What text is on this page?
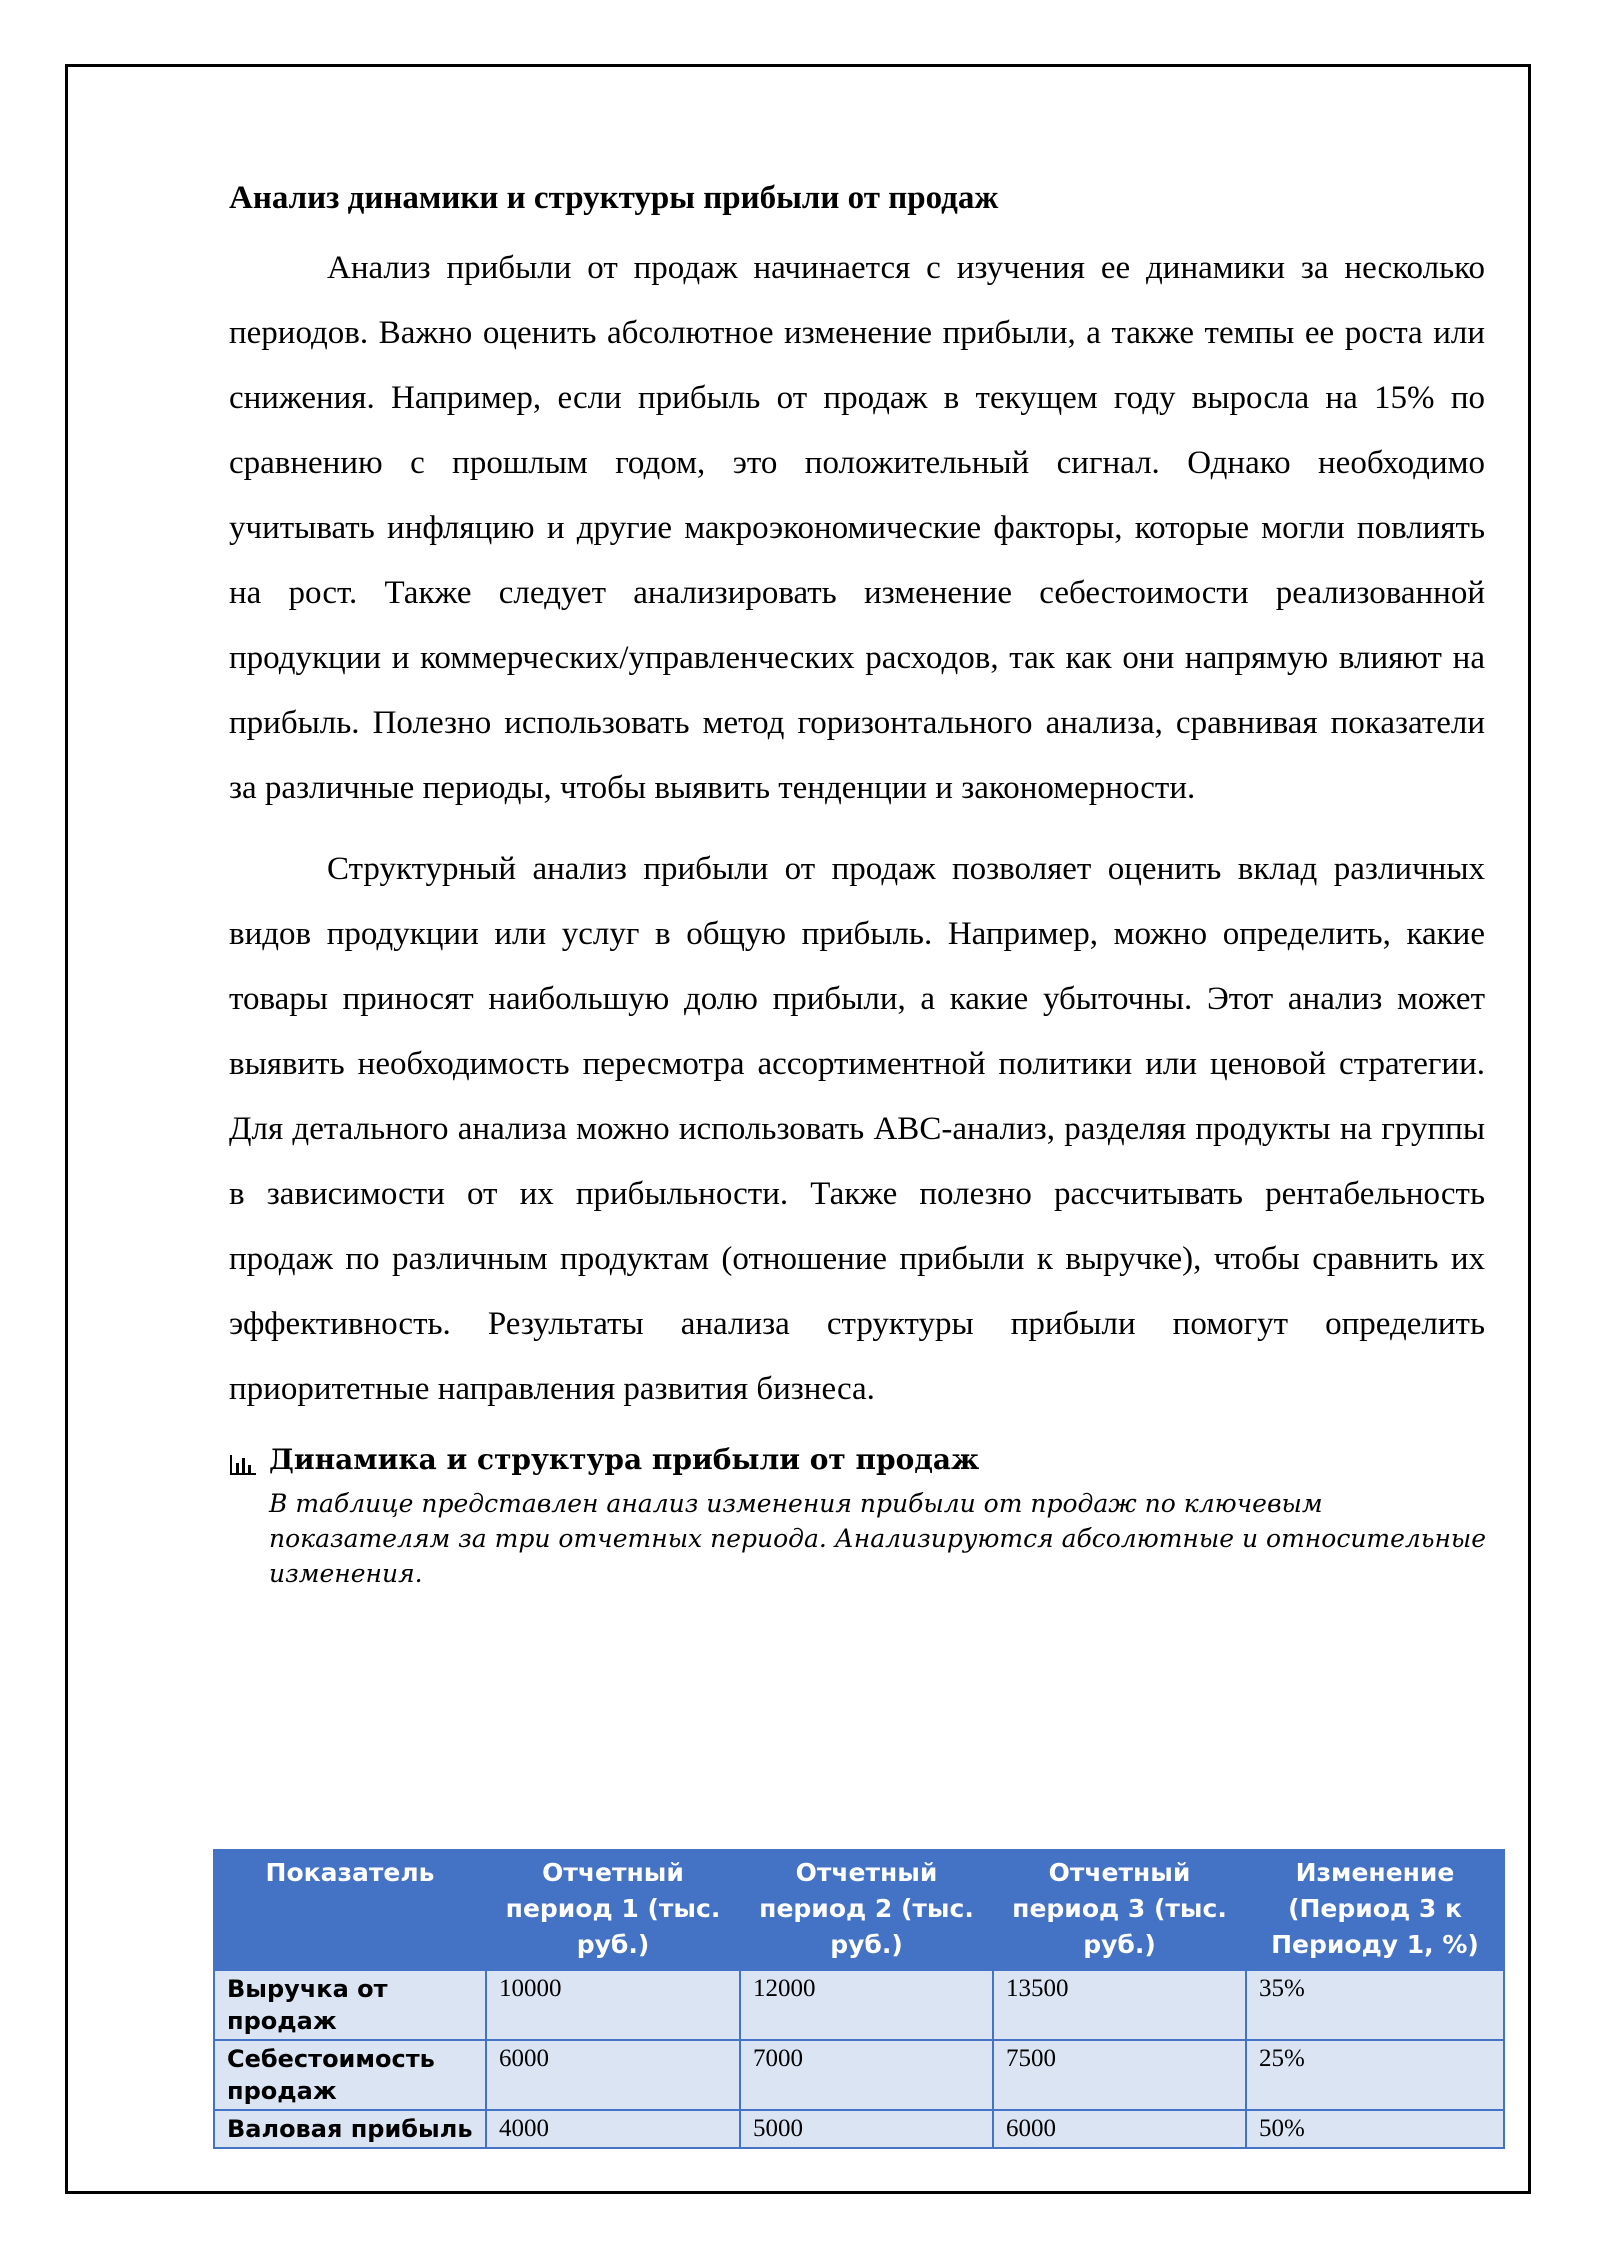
Анализ динамики и структуры прибыли от продаж

Анализ прибыли от продаж начинается с изучения ее динамики за несколько периодов. Важно оценить абсолютное изменение прибыли, а также темпы ее роста или снижения. Например, если прибыль от продаж в текущем году выросла на 15% по сравнению с прошлым годом, это положительный сигнал. Однако необходимо учитывать инфляцию и другие макроэкономические факторы, которые могли повлиять на рост. Также следует анализировать изменение себестоимости реализованной продукции и коммерческих/управленческих расходов, так как они напрямую влияют на прибыль. Полезно использовать метод горизонтального анализа, сравнивая показатели за различные периоды, чтобы выявить тенденции и закономерности.

Структурный анализ прибыли от продаж позволяет оценить вклад различных видов продукции или услуг в общую прибыль. Например, можно определить, какие товары приносят наибольшую долю прибыли, а какие убыточны. Этот анализ может выявить необходимость пересмотра ассортиментной политики или ценовой стратегии. Для детального анализа можно использовать ABC-анализ, разделяя продукты на группы в зависимости от их прибыльности. Также полезно рассчитывать рентабельность продаж по различным продуктам (отношение прибыли к выручке), чтобы сравнить их эффективность. Результаты анализа структуры прибыли помогут определить приоритетные направления развития бизнеса.

Динамика и структура прибыли от продаж
В таблице представлен анализ изменения прибыли от продаж по ключевым показателям за три отчетных периода. Анализируются абсолютные и относительные изменения.
Показатель	Отчетный период 1 (тыс. руб.)	Отчетный период 2 (тыс. руб.)	Отчетный период 3 (тыс. руб.)	Изменение (Период 3 к Периоду 1, %)
Выручка от продаж	10000	12000	13500	35%
Себестоимость продаж	6000	7000	7500	25%
Валовая прибыль	4000	5000	6000	50%
